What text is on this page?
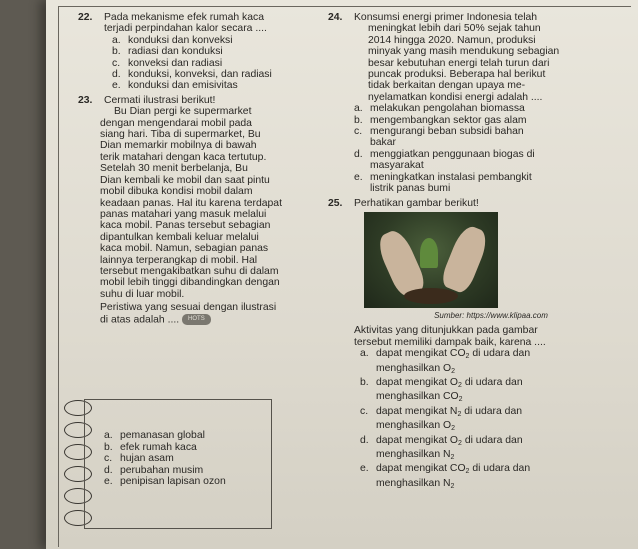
22.	Pada mekanisme efek rumah kaca
terjadi perpindahan kalor secara ....
a. konduksi dan konveksi
b. radiasi dan konduksi
c. konveksi dan radiasi
d. konduksi, konveksi, dan radiasi
e. konduksi dan emisivitas
23.	Cermati ilustrasi berikut!
Bu Dian pergi ke supermarket
dengan mengendarai mobil pada
siang hari. Tiba di supermarket, Bu
Dian memarkir mobilnya di bawah
terik matahari dengan kaca tertutup.
Setelah 30 menit berbelanja, Bu
Dian kembali ke mobil dan saat pintu
mobil dibuka kondisi mobil dalam
keadaan panas. Hal itu karena terdapat
panas matahari yang masuk melalui
kaca mobil. Panas tersebut sebagian
dipantulkan kembali keluar melalui
kaca mobil. Namun, sebagian panas
lainnya terperangkap di mobil. Hal
tersebut mengakibatkan suhu di dalam
mobil lebih tinggi dibandingkan dengan
suhu di luar mobil.
Peristiwa yang sesuai dengan ilustrasi
di atas adalah .... HOTS
a. pemanasan global
b. efek rumah kaca
c. hujan asam
d. perubahan musim
e. penipisan lapisan ozon
24.	Konsumsi energi primer Indonesia telah
meningkat lebih dari 50% sejak tahun
2014 hingga 2020. Namun, produksi
minyak yang masih mendukung sebagian
besar kebutuhan energi telah turun dari
puncak produksi. Beberapa hal berikut
tidak berkaitan dengan upaya me-
nyelamatkan kondisi energi adalah ....
a. melakukan pengolahan biomassa
b. mengembangkan sektor gas alam
c. mengurangi beban subsidi bahan
bakar
d. menggiatkan penggunaan biogas di
masyarakat
e. meningkatkan instalasi pembangkit
listrik panas bumi
25.	Perhatikan gambar berikut!
Sumber: https://www.klipaa.com
Aktivitas yang ditunjukkan pada gambar
tersebut memiliki dampak baik, karena ....
a. dapat mengikat $CO_2$ di udara dan
menghasilkan $O_2$
b. dapat mengikat $O_2$ di udara dan
menghasilkan $CO_2$
c. dapat mengikat $N_2$ di udara dan
menghasilkan $O_2$
d. dapat mengikat $O_2$ di udara dan
menghasilkan $N_2$
e. dapat mengikat $CO_2$ di udara dan
menghasilkan $N_2$
